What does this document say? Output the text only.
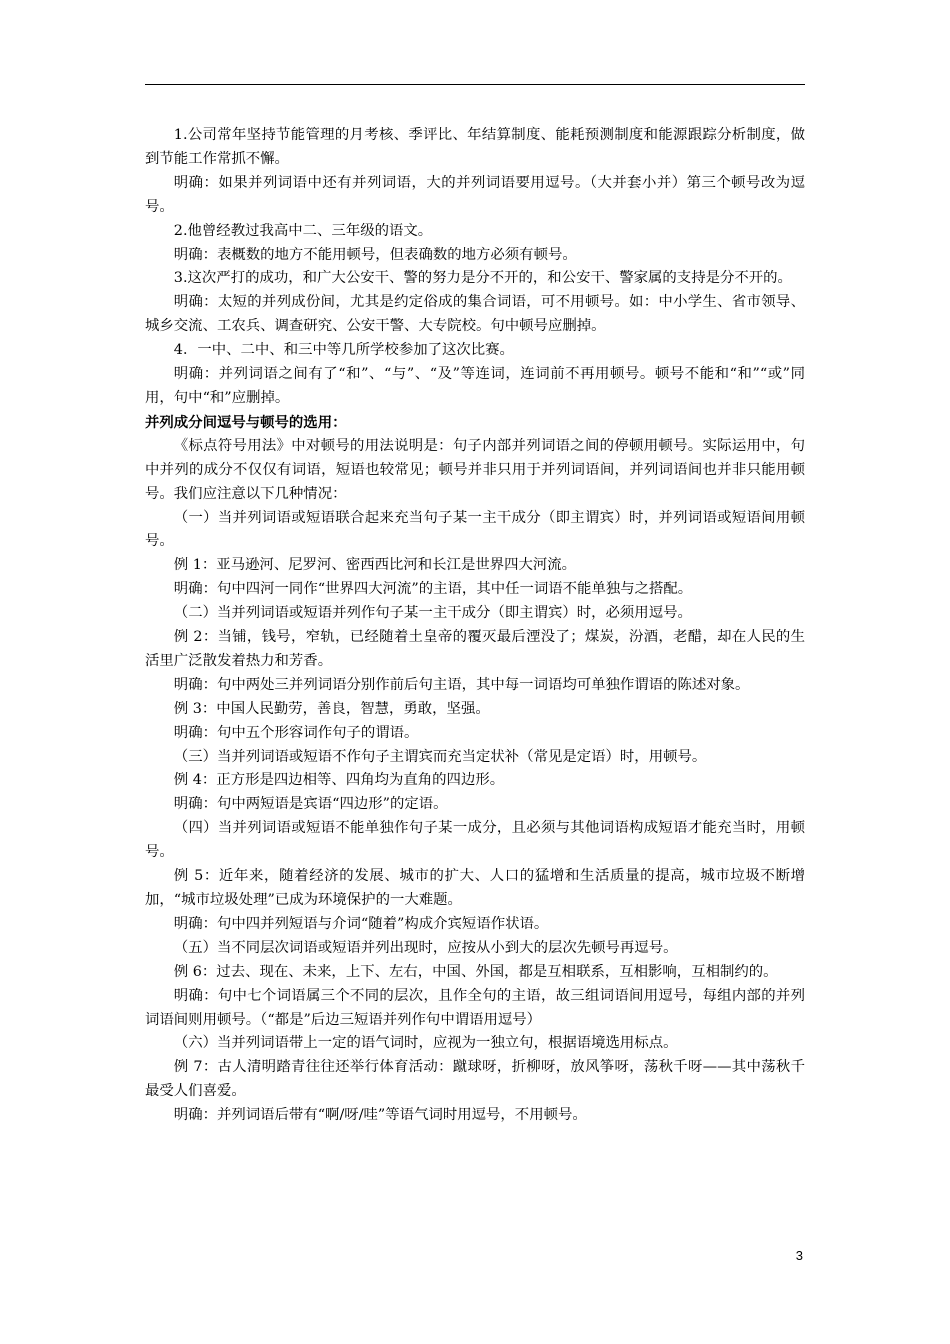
1.公司常年坚持节能管理的月考核、季评比、年结算制度、能耗预测制度和能源跟踪分析制度，做到节能工作常抓不懈。

明确：如果并列词语中还有并列词语，大的并列词语要用逗号。（大并套小并）第三个顿号改为逗号。

2.他曾经教过我高中二、三年级的语文。

明确：表概数的地方不能用顿号，但表确数的地方必须有顿号。

3.这次严打的成功，和广大公安干、警的努力是分不开的，和公安干、警家属的支持是分不开的。

明确：太短的并列成份间，尤其是约定俗成的集合词语，可不用顿号。如：中小学生、省市领导、城乡交流、工农兵、调查研究、公安干警、大专院校。句中顿号应删掉。

4．一中、二中、和三中等几所学校参加了这次比赛。

明确：并列词语之间有了“和”、“与”、“及”等连词，连词前不再用顿号。顿号不能和“和”“或”同用，句中“和”应删掉。

并列成分间逗号与顿号的选用：

《标点符号用法》中对顿号的用法说明是：句子内部并列词语之间的停顿用顿号。实际运用中，句中并列的成分不仅仅有词语，短语也较常见；顿号并非只用于并列词语间，并列词语间也并非只能用顿号。我们应注意以下几种情况：

（一）当并列词语或短语联合起来充当句子某一主干成分（即主谓宾）时，并列词语或短语间用顿号。

例 1：亚马逊河、尼罗河、密西西比河和长江是世界四大河流。

明确：句中四河一同作“世界四大河流”的主语，其中任一词语不能单独与之搭配。

（二）当并列词语或短语并列作句子某一主干成分（即主谓宾）时，必须用逗号。

例 2：当铺，钱号，窄轨，已经随着土皇帝的覆灭最后湮没了；煤炭，汾酒，老醋，却在人民的生活里广泛散发着热力和芳香。

明确：句中两处三并列词语分别作前后句主语，其中每一词语均可单独作谓语的陈述对象。

例 3：中国人民勤劳，善良，智慧，勇敢，坚强。

明确：句中五个形容词作句子的谓语。

（三）当并列词语或短语不作句子主谓宾而充当定状补（常见是定语）时，用顿号。

例 4：正方形是四边相等、四角均为直角的四边形。

明确：句中两短语是宾语“四边形”的定语。

（四）当并列词语或短语不能单独作句子某一成分，且必须与其他词语构成短语才能充当时，用顿号。

例 5：近年来，随着经济的发展、城市的扩大、人口的猛增和生活质量的提高，城市垃圾不断增加，“城市垃圾处理”已成为环境保护的一大难题。

明确：句中四并列短语与介词“随着”构成介宾短语作状语。

（五）当不同层次词语或短语并列出现时，应按从小到大的层次先顿号再逗号。

例 6：过去、现在、未来，上下、左右，中国、外国，都是互相联系，互相影响，互相制约的。

明确：句中七个词语属三个不同的层次，且作全句的主语，故三组词语间用逗号，每组内部的并列词语间则用顿号。（“都是”后边三短语并列作句中谓语用逗号）

（六）当并列词语带上一定的语气词时，应视为一独立句，根据语境选用标点。

例 7：古人清明踏青往往还举行体育活动：蹴球呀，折柳呀，放风筝呀，荡秋千呀——其中荡秋千最受人们喜爱。

明确：并列词语后带有“啊/呀/哇”等语气词时用逗号，不用顿号。

3
